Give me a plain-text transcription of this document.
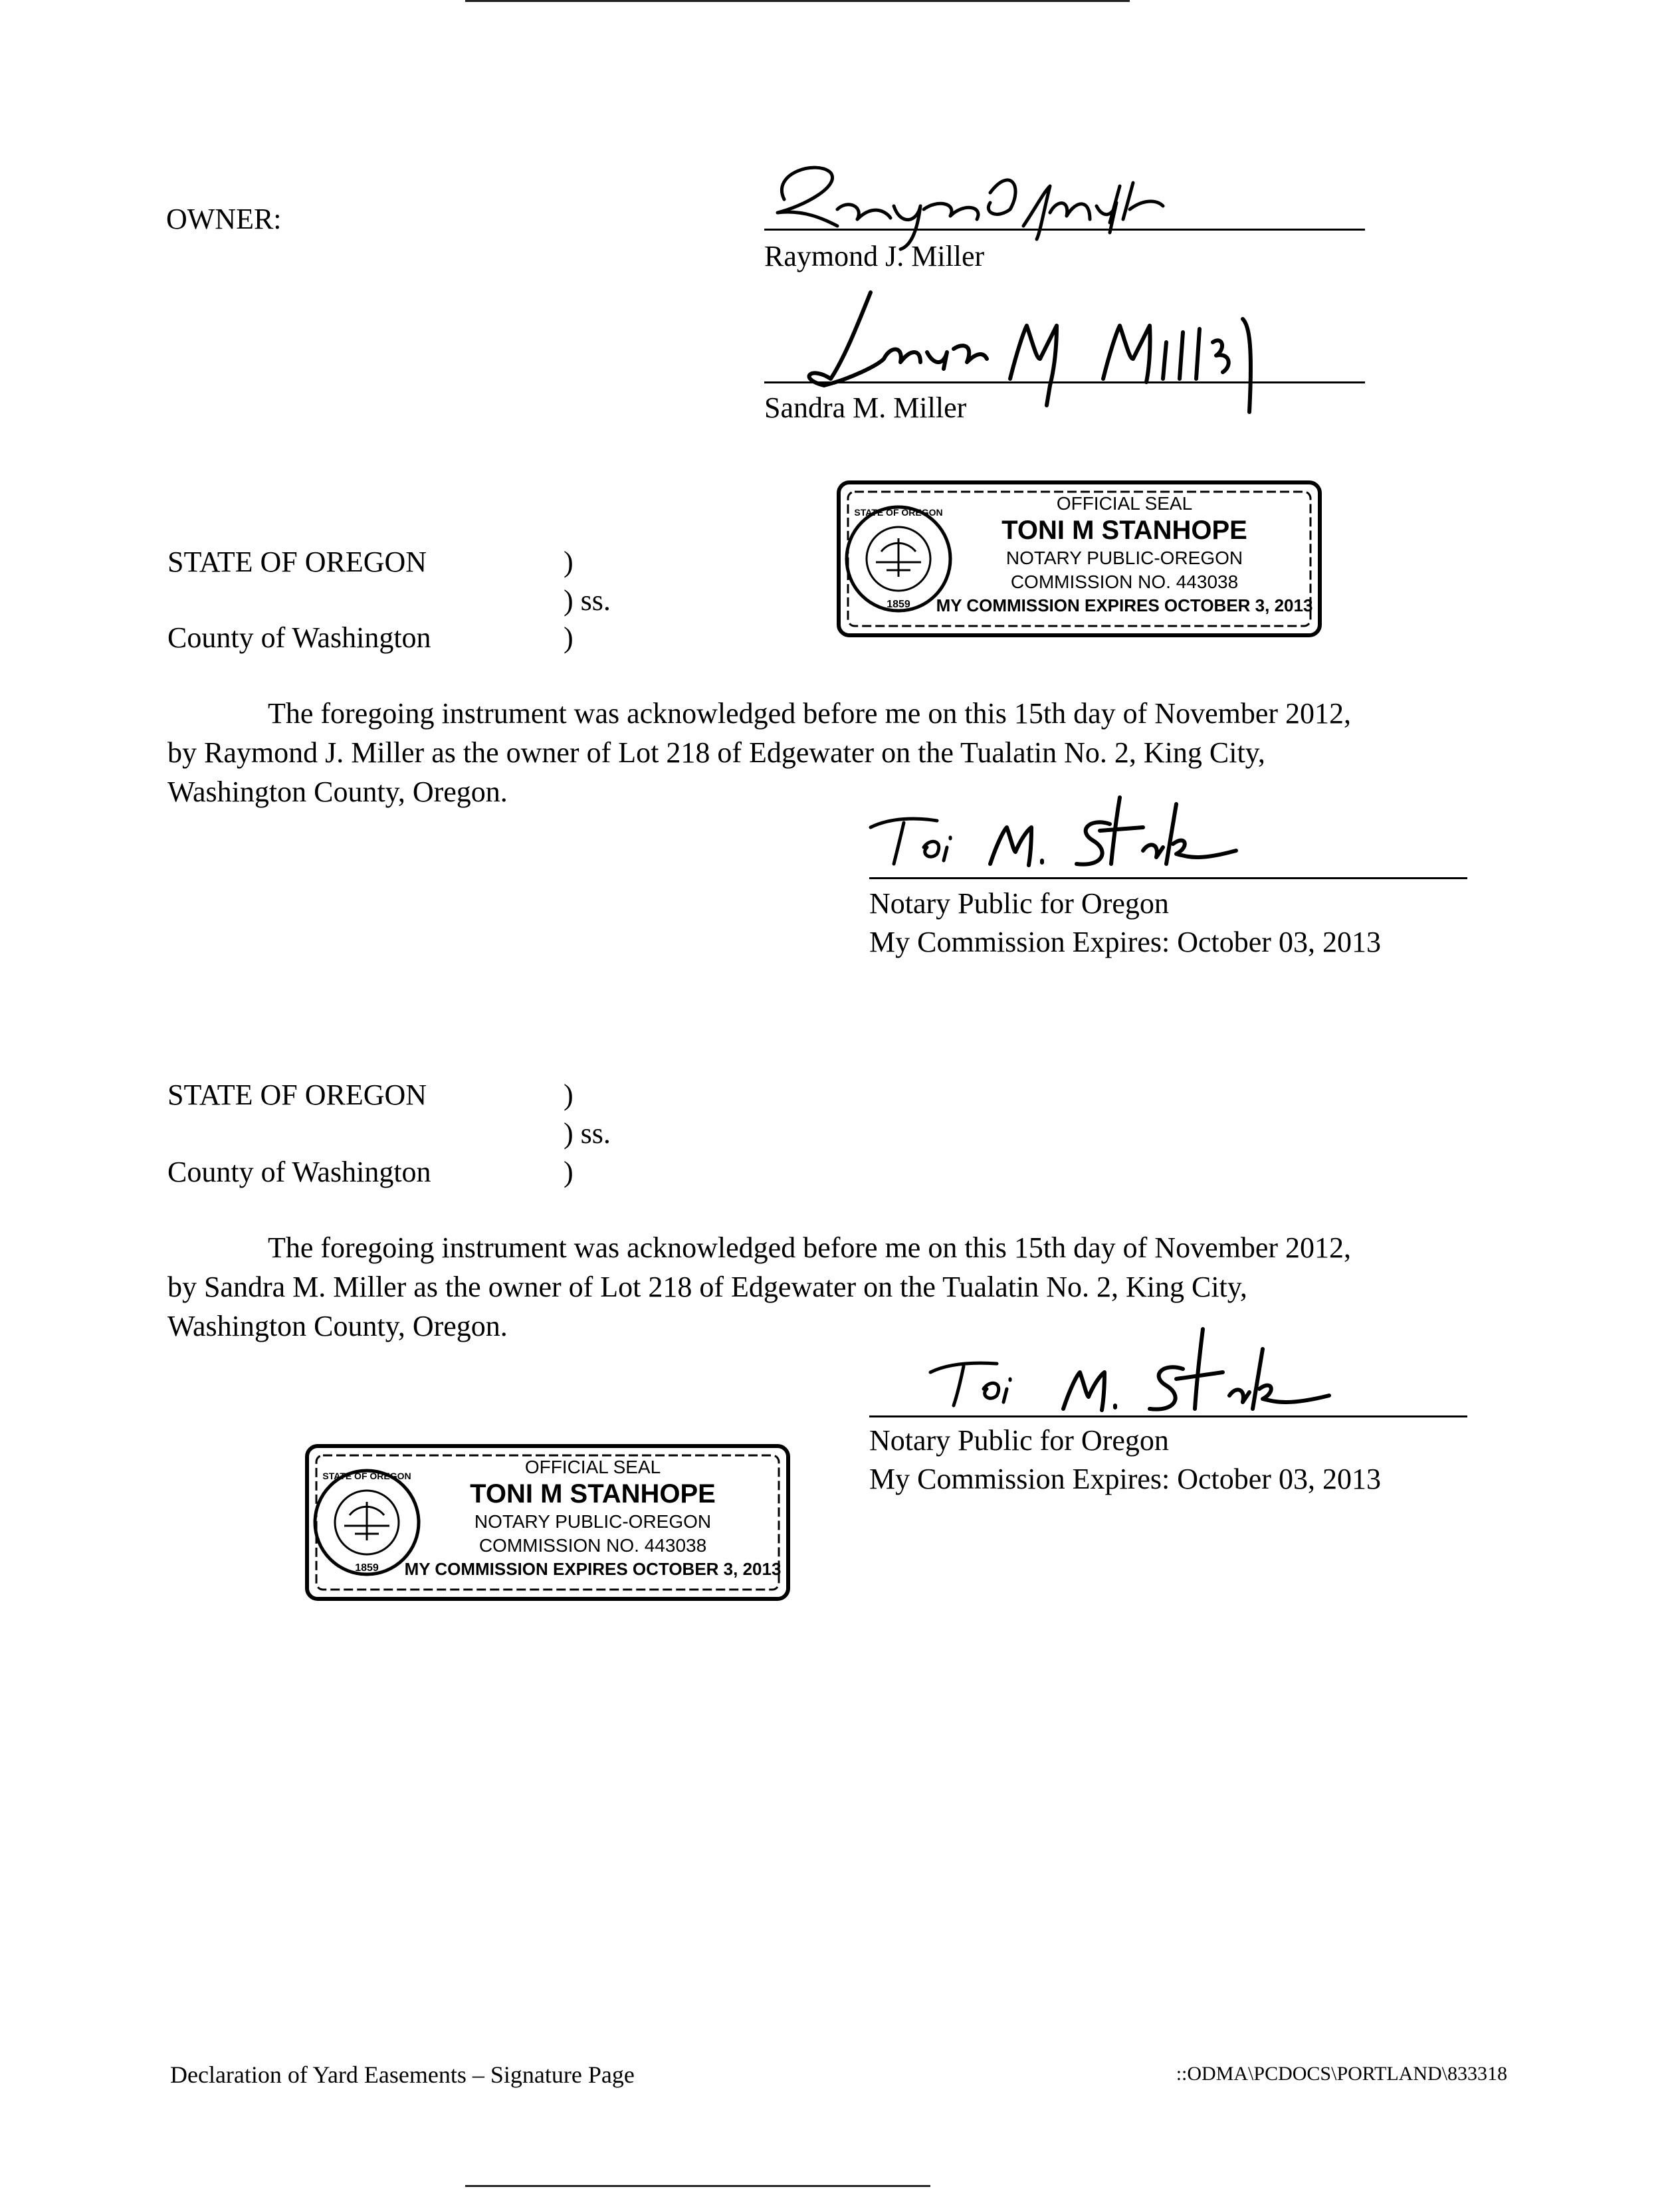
OWNER:
Raymond J. Miller
Sandra M. Miller
STATE OF OREGON
1859
OFFICIAL SEAL
TONI M STANHOPE
NOTARY PUBLIC-OREGON
COMMISSION NO. 443038
MY COMMISSION EXPIRES OCTOBER 3, 2013
STATE OF OREGON	)
) ss.
County of Washington	)
The foregoing instrument was acknowledged before me on this 15th day of November 2012,
by Raymond J. Miller as the owner of Lot 218 of Edgewater on the Tualatin No. 2, King City,
Washington County, Oregon.
Notary Public for Oregon
My Commission Expires: October 03, 2013
STATE OF OREGON	)
) ss.
County of Washington	)
The foregoing instrument was acknowledged before me on this 15th day of November 2012,
by Sandra M. Miller as the owner of Lot 218 of Edgewater on the Tualatin No. 2, King City,
Washington County, Oregon.
Notary Public for Oregon
My Commission Expires: October 03, 2013
STATE OF OREGON
1859
OFFICIAL SEAL
TONI M STANHOPE
NOTARY PUBLIC-OREGON
COMMISSION NO. 443038
MY COMMISSION EXPIRES OCTOBER 3, 2013
Declaration of Yard Easements – Signature Page	::ODMA\PCDOCS\PORTLAND\833318
